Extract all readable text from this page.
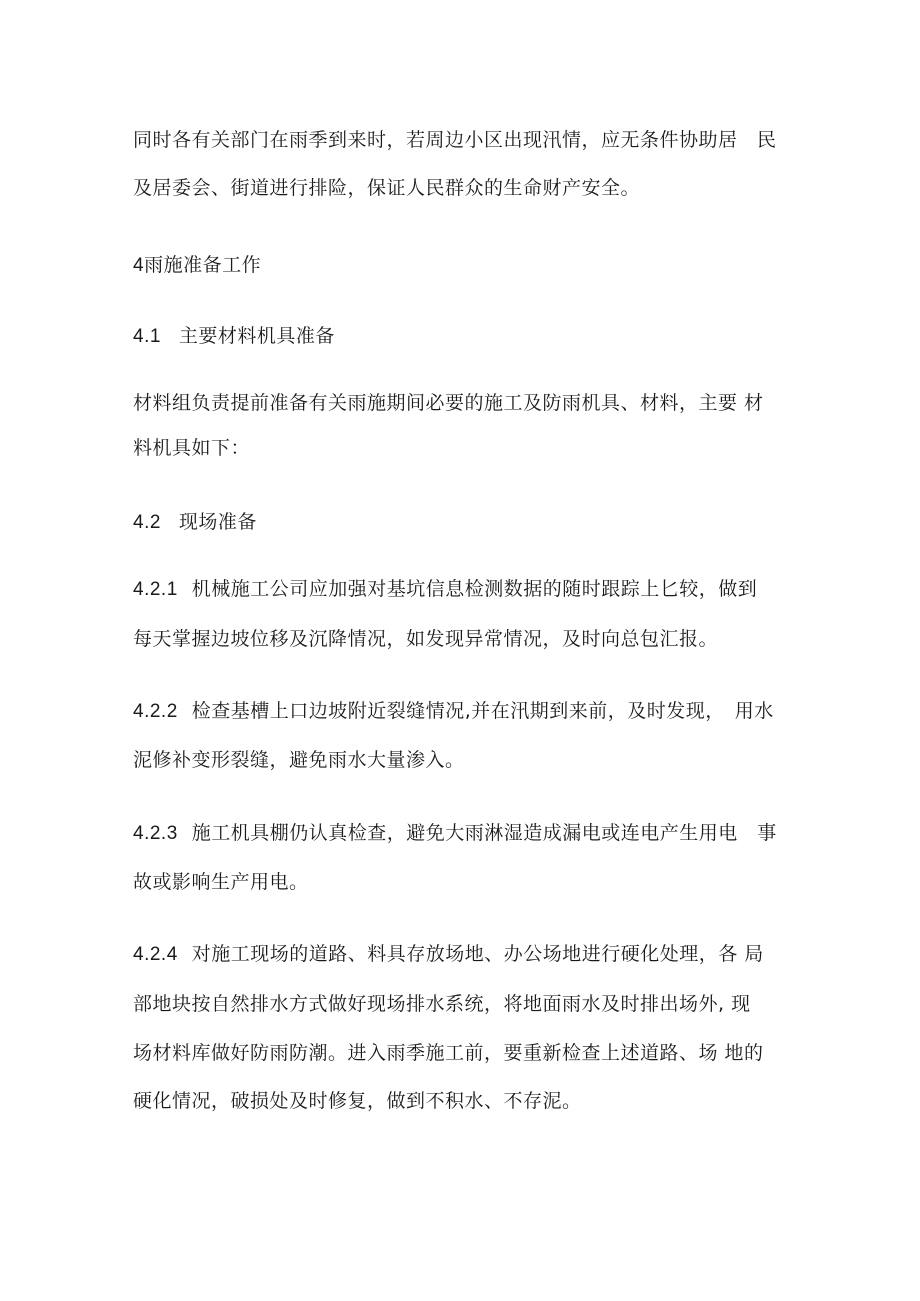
同时各有关部门在雨季到来时，若周边小区出现汛情，应无条件协助居　民
及居委会、街道进行排险，保证人民群众的生命财产安全。
4雨施准备工作
4.1 主要材料机具准备
材料组负责提前准备有关雨施期间必要的施工及防雨机具、材料，主要 材
料机具如下：
4.2 现场准备
4.2.1 机械施工公司应加强对基坑信息检测数据的随时跟踪上匕较，做到
每天掌握边坡位移及沉降情况，如发现异常情况，及时向总包汇报。
4.2.2 检查基槽上口边坡附近裂缝情况,并在汛期到来前，及时发现，　用水
泥修补变形裂缝，避免雨水大量渗入。
4.2.3 施工机具棚仍认真检查，避免大雨淋湿造成漏电或连电产生用电　事
故或影响生产用电。
4.2.4 对施工现场的道路、料具存放场地、办公场地进行硬化处理，各 局
部地块按自然排水方式做好现场排水系统，将地面雨水及时排出场外, 现
场材料库做好防雨防潮。进入雨季施工前，要重新检查上述道路、场 地的
硬化情况，破损处及时修复，做到不积水、不存泥。
